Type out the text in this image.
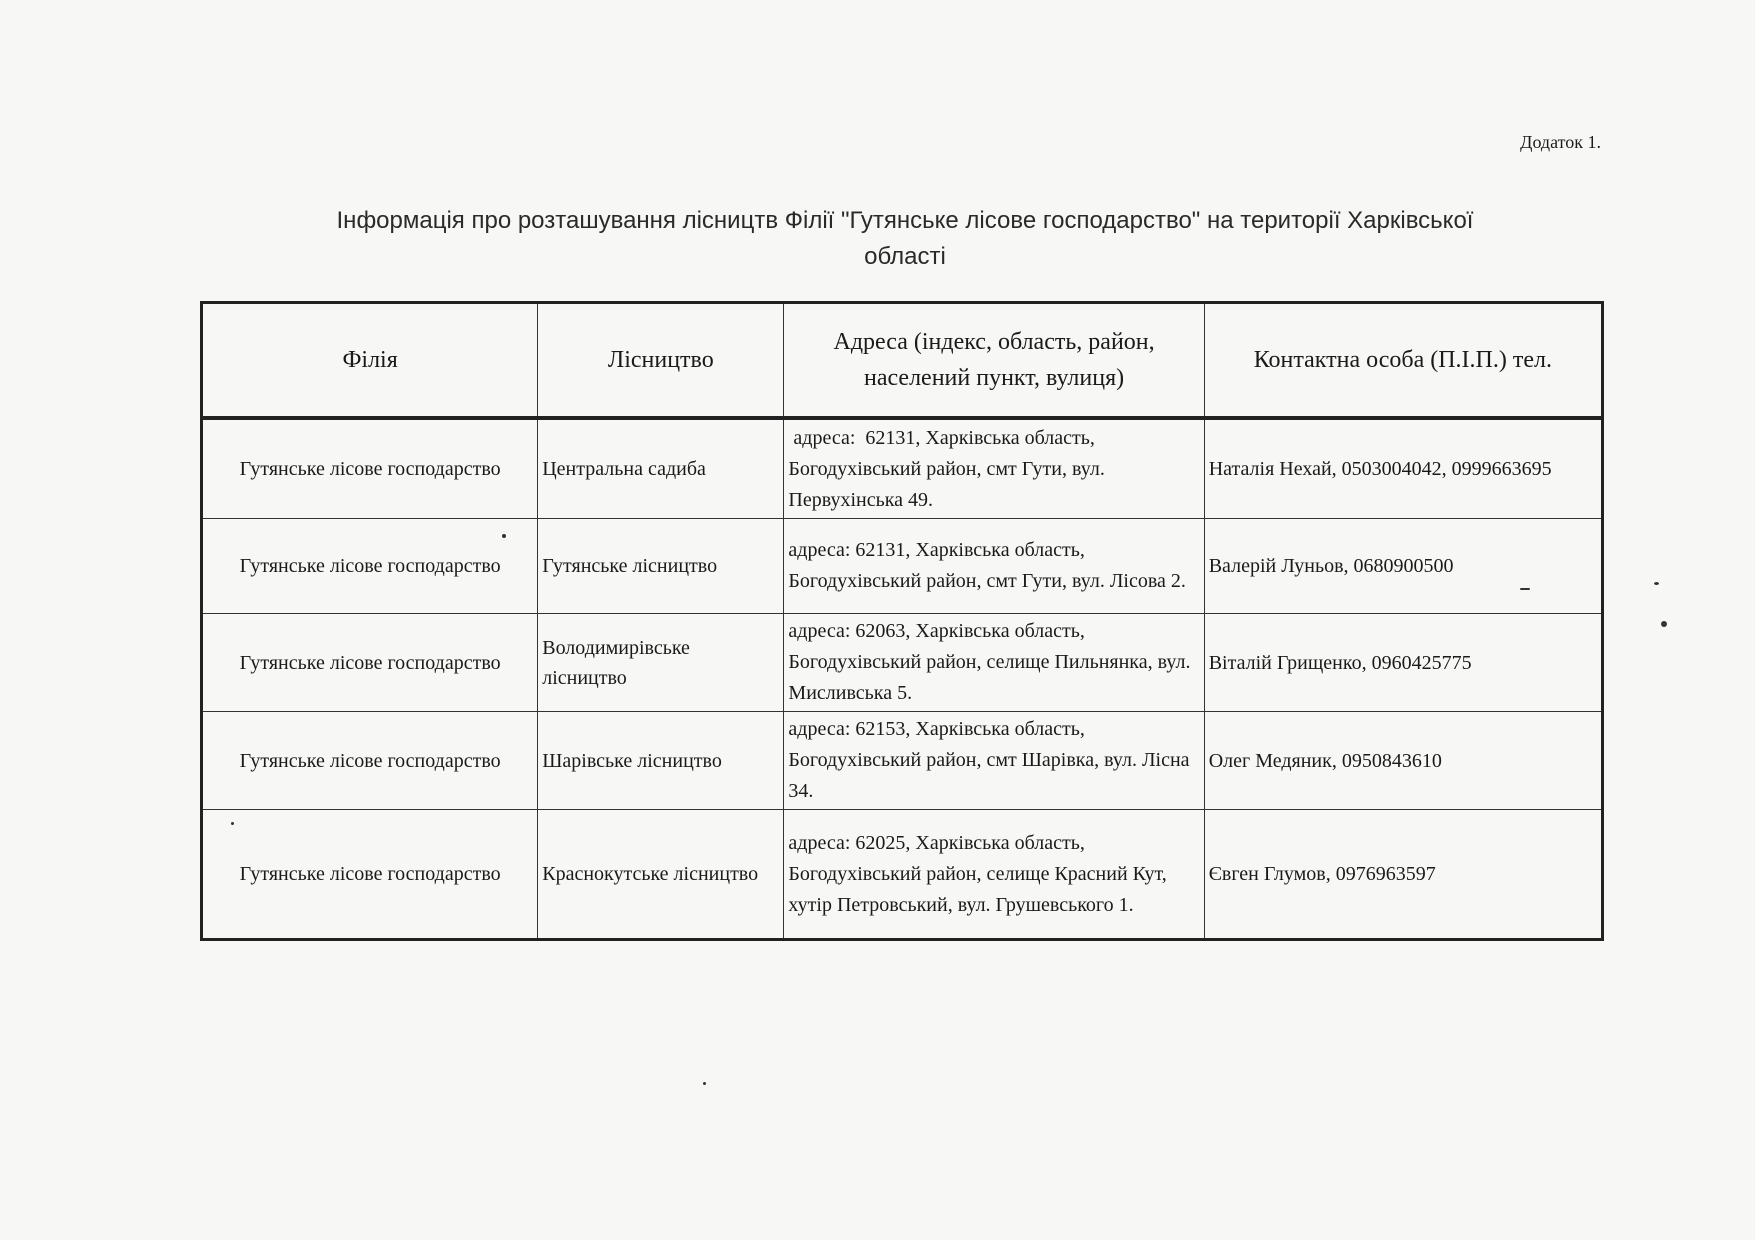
Додаток 1.
Інформація про розташування лісництв Філії "Гутянське лісове господарство" на території Харківської
області
Філія	Лісництво	Адреса (індекс, область, район, населений пункт, вулиця)	Контактна особа (П.І.П.) тел.
Гутянське лісове господарство	Центральна садиба	адреса:  62131, Харківська область, Богодухівський район, смт Гути, вул. Первухінська 49.	Наталія Нехай, 0503004042, 0999663695
Гутянське лісове господарство	Гутянське лісництво	адреса: 62131, Харківська область, Богодухівський район, смт Гути, вул. Лісова 2.	Валерій Луньов, 0680900500
Гутянське лісове господарство	Володимирівське лісництво	адреса: 62063, Харківська область, Богодухівський район, селище Пильнянка, вул. Мисливська 5.	Віталій Грищенко, 0960425775
Гутянське лісове господарство	Шарівське лісництво	адреса: 62153, Харківська область, Богодухівський район, смт Шарівка, вул. Лісна 34.	Олег Медяник, 0950843610
Гутянське лісове господарство	Краснокутське лісництво	адреса: 62025, Харківська область, Богодухівський район, селище Красний Кут, хутір Петровський, вул. Грушевського 1.	Євген Глумов, 0976963597
